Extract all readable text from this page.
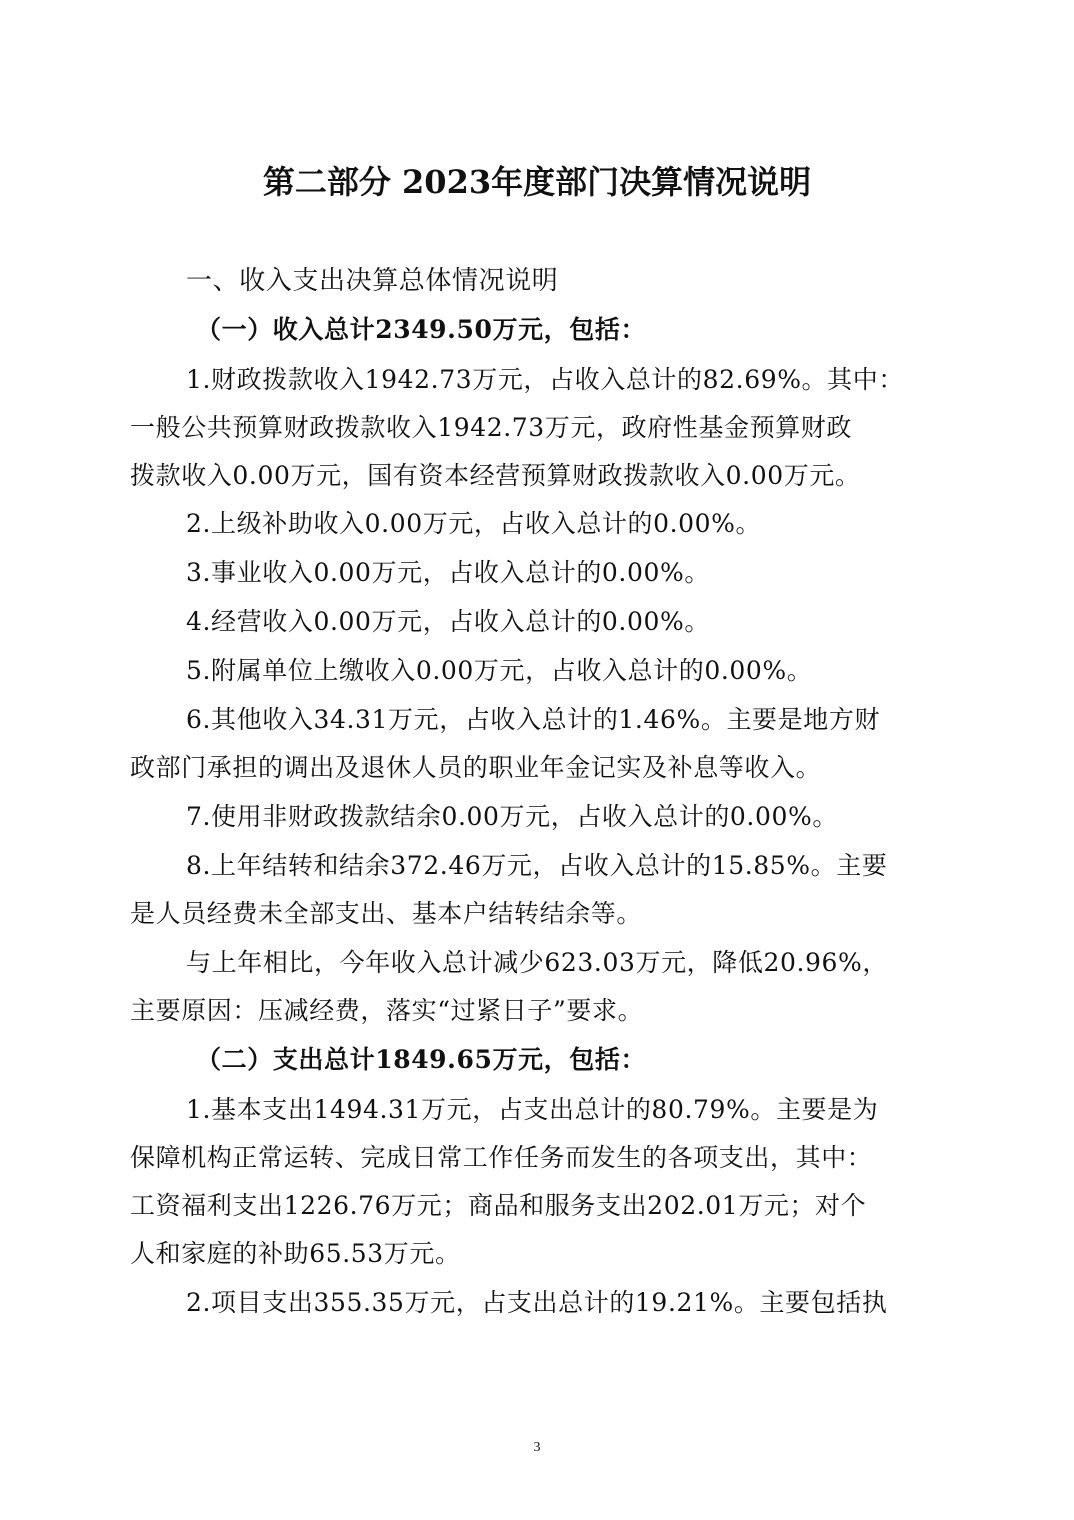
第二部分 2023年度部门决算情况说明
一、收入支出决算总体情况说明
（一）收入总计2349.50万元，包括：
1.财政拨款收入1942.73万元，占收入总计的82.69%。其中：
一般公共预算财政拨款收入1942.73万元，政府性基金预算财政
拨款收入0.00万元，国有资本经营预算财政拨款收入0.00万元。
2.上级补助收入0.00万元，占收入总计的0.00%。
3.事业收入0.00万元，占收入总计的0.00%。
4.经营收入0.00万元，占收入总计的0.00%。
5.附属单位上缴收入0.00万元，占收入总计的0.00%。
6.其他收入34.31万元，占收入总计的1.46%。主要是地方财
政部门承担的调出及退休人员的职业年金记实及补息等收入。
7.使用非财政拨款结余0.00万元，占收入总计的0.00%。
8.上年结转和结余372.46万元，占收入总计的15.85%。主要
是人员经费未全部支出、基本户结转结余等。
与上年相比，今年收入总计减少623.03万元，降低20.96%，
主要原因：压减经费，落实“过紧日子”要求。
（二）支出总计1849.65万元，包括：
1.基本支出1494.31万元，占支出总计的80.79%。主要是为
保障机构正常运转、完成日常工作任务而发生的各项支出，其中：
工资福利支出1226.76万元；商品和服务支出202.01万元；对个
人和家庭的补助65.53万元。
2.项目支出355.35万元，占支出总计的19.21%。主要包括执
3
